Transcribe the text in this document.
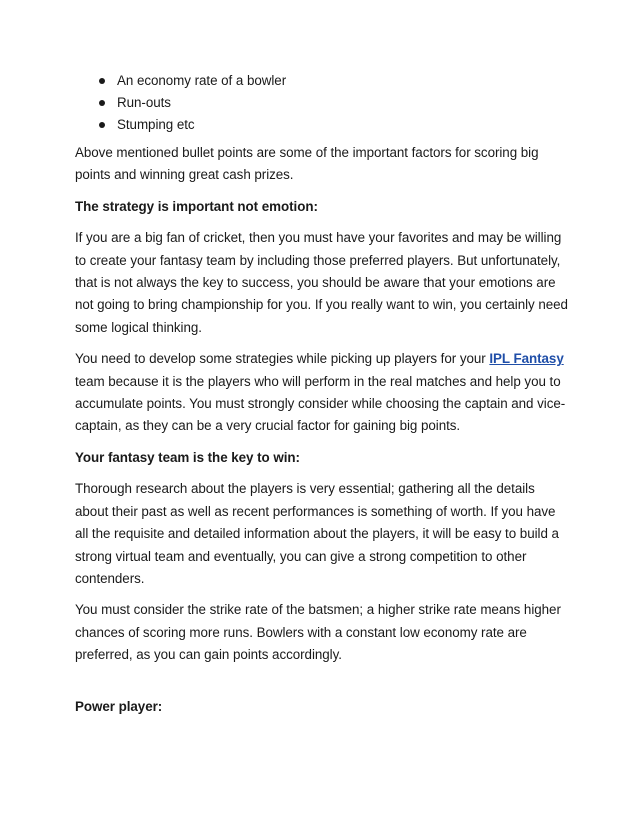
An economy rate of a bowler
Run-outs
Stumping etc

Above mentioned bullet points are some of the important factors for scoring big points and winning great cash prizes.

The strategy is important not emotion:

If you are a big fan of cricket, then you must have your favorites and may be willing to create your fantasy team by including those preferred players. But unfortunately, that is not always the key to success, you should be aware that your emotions are not going to bring championship for you. If you really want to win, you certainly need some logical thinking.

You need to develop some strategies while picking up players for your IPL Fantasy team because it is the players who will perform in the real matches and help you to accumulate points. You must strongly consider while choosing the captain and vice-captain, as they can be a very crucial factor for gaining big points.

Your fantasy team is the key to win:

Thorough research about the players is very essential; gathering all the details about their past as well as recent performances is something of worth. If you have all the requisite and detailed information about the players, it will be easy to build a strong virtual team and eventually, you can give a strong competition to other contenders.

You must consider the strike rate of the batsmen; a higher strike rate means higher chances of scoring more runs. Bowlers with a constant low economy rate are preferred, as you can gain points accordingly.

Power player:
